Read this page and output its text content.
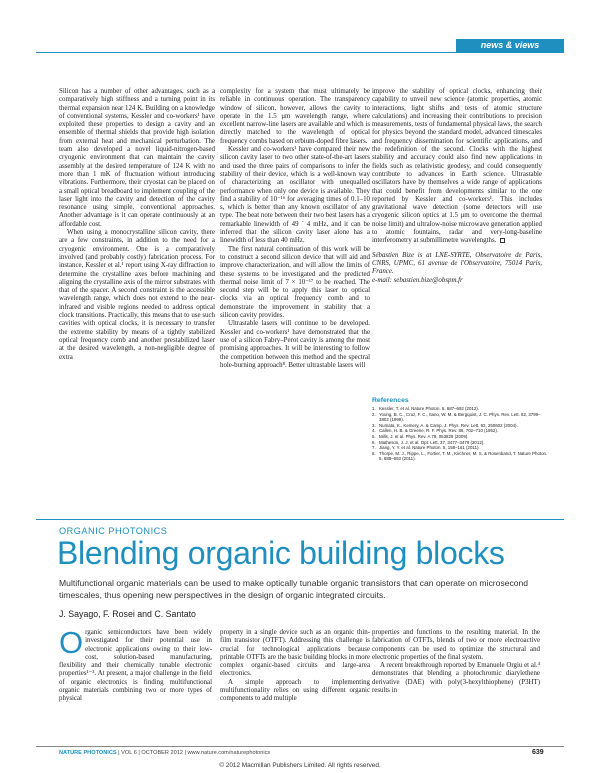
news & views

Silicon has a number of other advantages, such as a comparatively high stiffness and a turning point in its thermal expansion near 124 K. Building on a knowledge of conventional systems, Kessler and co-workers¹ have exploited these properties to design a cavity and an ensemble of thermal shields that provide high isolation from external heat and mechanical perturbation. The team also developed a novel liquid-nitrogen-based cryogenic environment that can maintain the cavity assembly at the desired temperature of 124 K with no more than 1 mK of fluctuation without introducing vibrations. Furthermore, their cryostat can be placed on a small optical breadboard to implement coupling of the laser light into the cavity and detection of the cavity resonance using simple, conventional approaches. Another advantage is it can operate continuously at an affordable cost.

When using a monocrystalline silicon cavity, there are a few constraints, in addition to the need for a cryogenic environment. One is a comparatively involved (and probably costly) fabrication process. For instance, Kessler et al.¹ report using X-ray diffraction to determine the crystalline axes before machining and aligning the crystalline axis of the mirror substrates with that of the spacer. A second constraint is the accessible wavelength range, which does not extend to the near-infrared and visible regions needed to address optical clock transitions. Practically, this means that to use such cavities with optical clocks, it is necessary to transfer the extreme stability by means of a tightly stabilized optical frequency comb and another prestabilized laser at the desired wavelength, a non-negligible degree of extra

complexity for a system that must ultimately be reliable in continuous operation. The transparency window of silicon, however, allows the cavity to operate in the 1.5 μm wavelength range, where excellent narrow-line lasers are available and which is directly matched to the wavelength of optical frequency combs based on erbium-doped fibre lasers.

Kessler and co-workers¹ have compared their new silicon cavity laser to two other state-of-the-art lasers and used the three pairs of comparisons to infer the stability of their device, which is a well-known way of characterizing an oscillator with unequalled performance when only one device is available. They find a stability of 10⁻¹⁶ for averaging times of 0.1–10 s, which is better than any known oscillator of any type. The beat note between their two best lasers has a remarkable linewidth of 49 ´ 4 mHz, and it can be inferred that the silicon cavity laser alone has a linewidth of less than 40 mHz.

The first natural continuation of this work will be to construct a second silicon device that will aid and improve characterization, and will allow the limits of these systems to be investigated and the predicted thermal noise limit of 7 × 10⁻¹⁷ to be reached. The second step will be to apply this laser to optical clocks via an optical frequency comb and to demonstrate the improvement in stability that a silicon cavity provides.

Ultrastable lasers will continue to be developed. Kessler and co-workers¹ have demonstrated that the use of a silicon Fabry–Perot cavity is among the most promising approaches. It will be interesting to follow the competition between this method and the spectral hole-burning approach⁸. Better ultrastable lasers will

improve the stability of optical clocks, enhancing their capability to unveil new science (atomic properties, atomic interactions, light shifts and tests of atomic structure calculations) and increasing their contributions to precision measurements, tests of fundamental physical laws, the search for physics beyond the standard model, advanced timescales and frequency dissemination for scientific applications, and the redefinition of the second. Clocks with the highest stability and accuracy could also find new applications in fields such as relativistic geodesy, and could consequently contribute to advances in Earth science. Ultrastable oscillators have by themselves a wide range of applications that could benefit from developments similar to the one reported by Kessler and co-workers¹. This includes gravitational wave detection (some detectors will use cryogenic silicon optics at 1.5 μm to overcome the thermal noise limit) and ultralow-noise microwave generation applied to atomic fountains, radar and very-long-baseline interferometry at submillimetre wavelengths.

Sébastien Bize is at LNE-SYRTE, Observatoire de Paris, CNRS, UPMC, 61 avenue de l'Observatoire, 75014 Paris, France.

e-mail: sebastien.bize@obspm.fr

References
1. Kessler, T. et al. Nature Photon. 6, 687–692 (2012).
2. Young, B. C., Cruz, F. C., Itano, W. M. & Bergquist, J. C. Phys. Rev. Lett. 82, 3799–3802 (1999).
3. Numata, K., Kemery, A. & Camp, J. Phys. Rev. Lett. 93, 250602 (2004).
4. Callen, H. B. & Greene, R. F. Phys. Rev. 86, 702–710 (1952).
5. Mills, J. et al. Phys. Rev. A 79, 053829 (2009).
6. Matheson, J. J. et al. Opt. Lett. 37, 3477–3479 (2012).
7. Jiang, Y. Y. et al. Nature Photon. 5, 158–161 (2011).
8. Thorpe, M. J., Rippe, L., Fortier, T. M., Kirchner, M. S. & Rosenband, T. Nature Photon. 5, 688–693 (2011).
ORGANIC PHOTONICS
Blending organic building blocks
Multifunctional organic materials can be used to make optically tunable organic transistors that can operate on microsecond timescales, thus opening new perspectives in the design of organic integrated circuits.
J. Sayago, F. Rosei and C. Santato

Organic semiconductors have been widely investigated for their potential use in electronic applications owing to their low-cost, solution-based manufacturing, flexibility and their chemically tunable electronic properties¹⁻³. At present, a major challenge in the field of organic electronics is finding multifunctional organic materials combining two or more types of physical

property in a single device such as an organic thin-film transistor (OTFT). Addressing this challenge is crucial for technological applications because printable OTFTs are the basic building blocks in more complex organic-based circuits and large-area electronics.

A simple approach to implementing multifunctionality relies on using different organic components to add multiple

properties and functions to the resulting material. In the fabrication of OTFTs, blends of two or more electroactive components can be used to optimize the structural and electronic properties of the final system.

A recent breakthrough reported by Emanuele Orgiu et al.⁴ demonstrates that blending a photochromic diarylethene derivative (DAE) with poly(3-hexylthiophene) (P3HT) results in

NATURE PHOTONICS | VOL 6 | OCTOBER 2012 | www.nature.com/naturephotonics	639
© 2012 Macmillan Publishers Limited. All rights reserved.
